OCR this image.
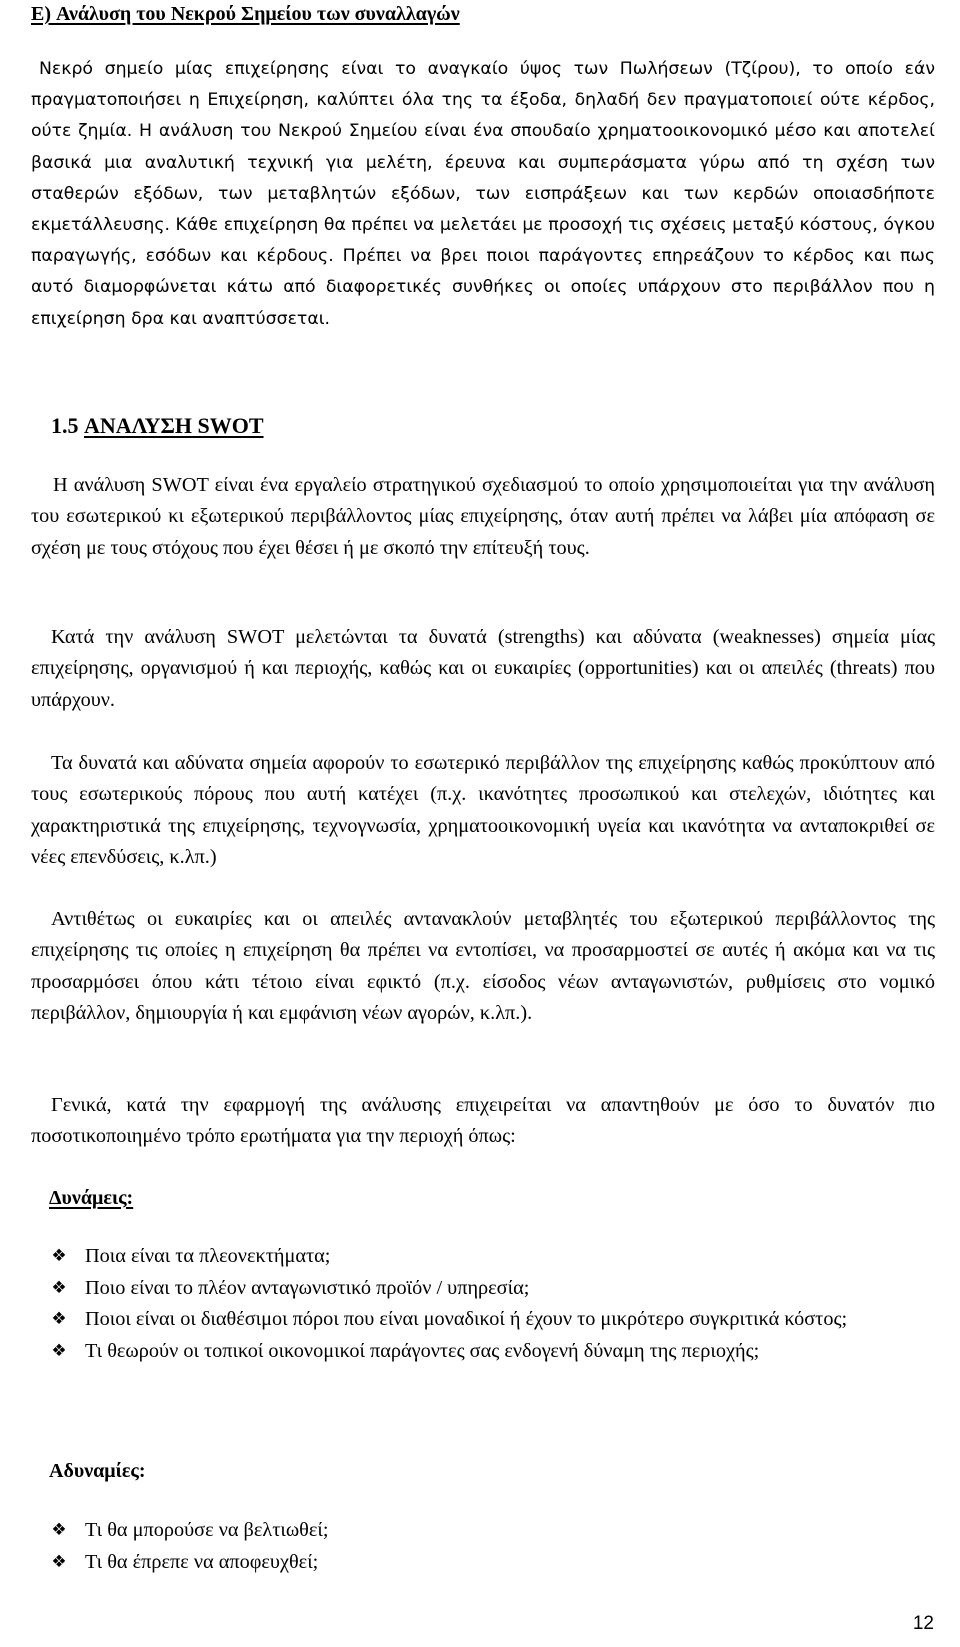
E) Ανάλυση του Νεκρού Σημείου των συναλλαγών

Νεκρό σημείο μίας επιχείρησης είναι το αναγκαίο ύψος των Πωλήσεων (Τζίρου), το οποίο εάν πραγματοποιήσει η Επιχείρηση, καλύπτει όλα της τα έξοδα, δηλαδή δεν πραγματοποιεί ούτε κέρδος, ούτε ζημία. Η ανάλυση του Νεκρού Σημείου είναι ένα σπουδαίο χρηματοοικονομικό μέσο και αποτελεί βασικά μια αναλυτική τεχνική για μελέτη, έρευνα και συμπεράσματα γύρω από τη σχέση των σταθερών εξόδων, των μεταβλητών εξόδων, των εισπράξεων και των κερδών οποιασδήποτε εκμετάλλευσης. Κάθε επιχείρηση θα πρέπει να μελετάει με προσοχή τις σχέσεις μεταξύ κόστους, όγκου παραγωγής, εσόδων και κέρδους. Πρέπει να βρει ποιοι παράγοντες επηρεάζουν το κέρδος και πως αυτό διαμορφώνεται κάτω από διαφορετικές συνθήκες οι οποίες υπάρχουν στο περιβάλλον που η επιχείρηση δρα και αναπτύσσεται.

1.5 ΑΝΑΛΥΣΗ SWOT

Η ανάλυση SWOT είναι ένα εργαλείο στρατηγικού σχεδιασμού το οποίο χρησιμοποιείται για την ανάλυση του εσωτερικού κι εξωτερικού περιβάλλοντος μίας επιχείρησης, όταν αυτή πρέπει να λάβει μία απόφαση σε σχέση με τους στόχους που έχει θέσει ή με σκοπό την επίτευξή τους.

Κατά την ανάλυση SWOT μελετώνται τα δυνατά (strengths) και αδύνατα (weaknesses) σημεία μίας επιχείρησης, οργανισμού ή και περιοχής, καθώς και οι ευκαιρίες (opportunities) και οι απειλές (threats) που υπάρχουν.

Τα δυνατά και αδύνατα σημεία αφορούν το εσωτερικό περιβάλλον της επιχείρησης καθώς προκύπτουν από τους εσωτερικούς πόρους που αυτή κατέχει (π.χ. ικανότητες προσωπικού και στελεχών, ιδιότητες και χαρακτηριστικά της επιχείρησης, τεχνογνωσία, χρηματοοικονομική υγεία και ικανότητα να ανταποκριθεί σε νέες επενδύσεις, κ.λπ.)

Αντιθέτως οι ευκαιρίες και οι απειλές αντανακλούν μεταβλητές του εξωτερικού περιβάλλοντος της επιχείρησης τις οποίες η επιχείρηση θα πρέπει να εντοπίσει, να προσαρμοστεί σε αυτές ή ακόμα και να τις προσαρμόσει όπου κάτι τέτοιο είναι εφικτό (π.χ. είσοδος νέων ανταγωνιστών, ρυθμίσεις στο νομικό περιβάλλον, δημιουργία ή και εμφάνιση νέων αγορών, κ.λπ.).

Γενικά, κατά την εφαρμογή της ανάλυσης επιχειρείται να απαντηθούν με όσο το δυνατόν πιο ποσοτικοποιημένο τρόπο ερωτήματα για την περιοχή όπως:

Δυνάμεις:

❖ Ποια είναι τα πλεονεκτήματα;
❖ Ποιο είναι το πλέον ανταγωνιστικό προϊόν / υπηρεσία;
❖ Ποιοι είναι οι διαθέσιμοι πόροι που είναι μοναδικοί ή έχουν το μικρότερο συγκριτικά κόστος;
❖ Τι θεωρούν οι τοπικοί οικονομικοί παράγοντες σας ενδογενή δύναμη της περιοχής;

Αδυναμίες:

❖ Τι θα μπορούσε να βελτιωθεί;
❖ Τι θα έπρεπε να αποφευχθεί;

12
